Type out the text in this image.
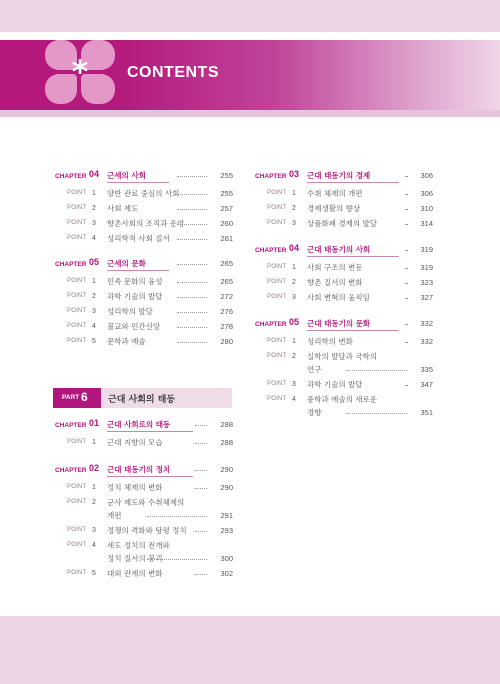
* CONTENTS
CHAPTER 04 근세의 사회	255
POINT 1 양반 관료 중심의 사회	255
POINT 2 사회 제도	257
POINT 3 향촌사회의 조직과 운영	260
POINT 4 성리학적 사회 질서	261
CHAPTER 05 근세의 문화	265
POINT 1 민족 문화의 융성	265
POINT 2 과학 기술의 발달	272
POINT 3 성리학의 발달	276
POINT 4 불교와 민간신앙	278
POINT 5 문학과 예술	280
PART 6 근대 사회의 태동
CHAPTER 01 근대 사회로의 태동	288
POINT 1 근대 지향의 모습	288
CHAPTER 02 근대 태동기의 정치	290
POINT 1 정치 체제의 변화	290
POINT 2 군사 제도와 수취체제의
개편	291
POINT 3 정쟁의 격화와 탕평 정치	293
POINT 4 세도 정치의 전개와
정치 질서의 붕괴	300
POINT 5 대외 관계의 변화	302
CHAPTER 03 근대 태동기의 경제	306
POINT 1 수취 체제의 개편	306
POINT 2 경제생활의 향상	310
POINT 3 상품화폐 경제의 발달	314
CHAPTER 04 근대 태동기의 사회	319
POINT 1 사회 구조의 변동	319
POINT 2 향촌 질서의 변화	323
POINT 3 사회 변혁의 움직임	327
CHAPTER 05 근대 태동기의 문화	332
POINT 1 성리학의 변화	332
POINT 2 실학의 발달과 국학의
연구	335
POINT 3 과학 기술의 발달	347
POINT 4 풍학과 예술의 새로운
경향	351
